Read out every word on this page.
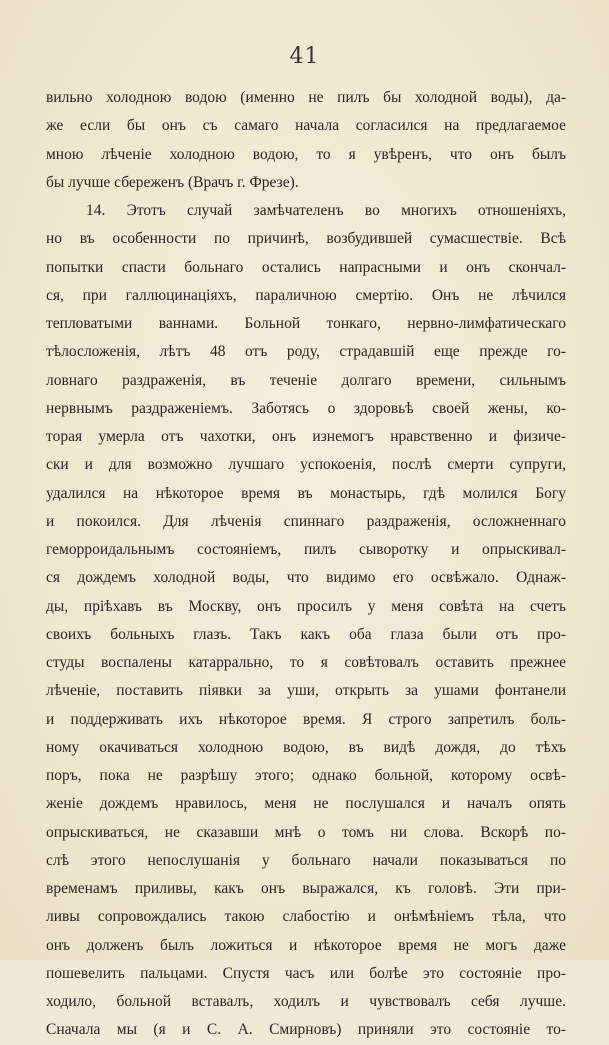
41
вильно холодною водою (именно не пилъ бы холодной воды), да-
же если бы онъ съ самаго начала согласился на предлагаемое
мною лѣченіе холодною водою, то я увѣренъ, что онъ былъ
бы лучше сбереженъ (Врачъ г. Фрезе).
14. Этотъ случай замѣчателенъ во многихъ отношеніяхъ,
но въ особенности по причинѣ, возбудившей сумасшествіе. Всѣ
попытки спасти больнаго остались напрасными и онъ скончал-
ся, при галлюцинаціяхъ, параличною смертію. Онъ не лѣчился
тепловатыми ваннами. Больной тонкаго, нервно-лимфатическаго
тѣлосложенія, лѣтъ 48 отъ роду, страдавшій еще прежде го-
ловнаго раздраженія, въ теченіе долгаго времени, сильнымъ
нервнымъ раздраженіемъ. Заботясь о здоровьѣ своей жены, ко-
торая умерла отъ чахотки, онъ изнемогъ нравственно и физиче-
ски и для возможно лучшаго успокоенія, послѣ смерти супруги,
удалился на нѣкоторое время въ монастырь, гдѣ молился Богу
и покоился. Для лѣченія спиннаго раздраженія, осложненнаго
геморроидальнымъ состояніемъ, пилъ сыворотку и опрыскивал-
ся дождемъ холодной воды, что видимо его освѣжало. Однаж-
ды, пріѣхавъ въ Москву, онъ просилъ у меня совѣта на счетъ
своихъ больныхъ глазъ. Такъ какъ оба глаза были отъ про-
студы воспалены катаррально, то я совѣтовалъ оставить прежнее
лѣченіе, поставить піявки за уши, открыть за ушами фонтанели
и поддерживать ихъ нѣкоторое время. Я строго запретилъ боль-
ному окачиваться холодною водою, въ видѣ дождя, до тѣхъ
поръ, пока не разрѣшу этого; однако больной, которому освѣ-
женіе дождемъ нравилось, меня не послушался и началъ опять
опрыскиваться, не сказавши мнѣ о томъ ни слова. Вскорѣ по-
слѣ этого непослушанія у больнаго начали показываться по
временамъ приливы, какъ онъ выражался, къ головѣ. Эти при-
ливы сопровождались такою слабостію и онѣмѣніемъ тѣла, что
онъ долженъ былъ ложиться и нѣкоторое время не могъ даже
пошевелить пальцами. Спустя часъ или болѣе это состояніе про-
ходило, больной вставалъ, ходилъ и чувствовалъ себя лучше.
Сначала мы (я и С. А. Смирновъ) приняли это состояніе то-
